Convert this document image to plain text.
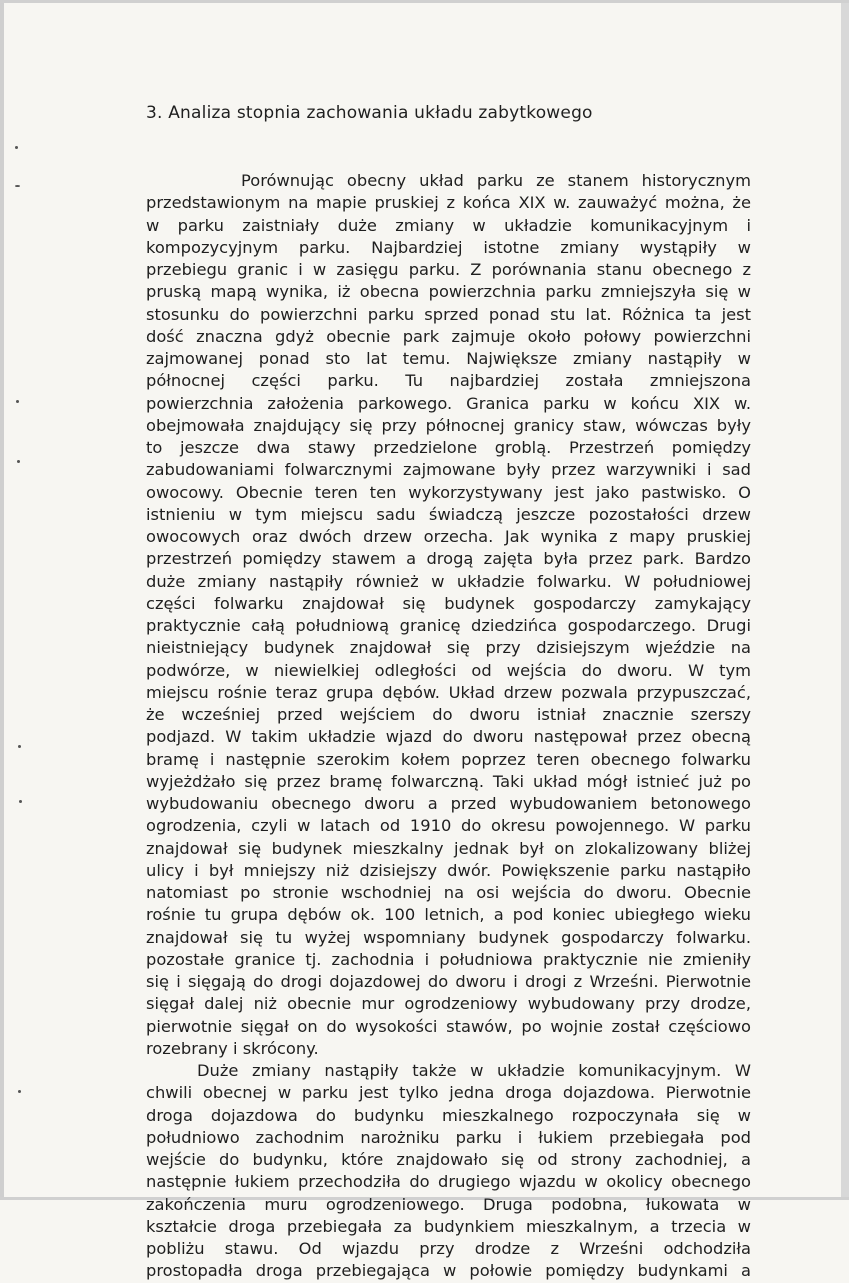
3. Analiza stopnia zachowania układu zabytkowego
Porównując obecny układ parku ze stanem historycznym
przedstawionym na mapie pruskiej z końca XIX w. zauważyć można, że
w parku zaistniały duże zmiany w układzie komunikacyjnym i
kompozycyjnym parku. Najbardziej istotne zmiany wystąpiły w
przebiegu granic i w zasięgu parku. Z porównania stanu obecnego z
pruską mapą wynika, iż obecna powierzchnia parku zmniejszyła się w
stosunku do powierzchni parku sprzed ponad stu lat. Różnica ta jest
dość znaczna gdyż obecnie park zajmuje około połowy powierzchni
zajmowanej ponad sto lat temu. Największe zmiany nastąpiły w
północnej części parku. Tu najbardziej została zmniejszona
powierzchnia założenia parkowego. Granica parku w końcu XIX w.
obejmowała znajdujący się przy północnej granicy staw, wówczas były
to jeszcze dwa stawy przedzielone groblą. Przestrzeń pomiędzy
zabudowaniami folwarcznymi zajmowane były przez warzywniki i sad
owocowy. Obecnie teren ten wykorzystywany jest jako pastwisko. O
istnieniu w tym miejscu sadu świadczą jeszcze pozostałości drzew
owocowych oraz dwóch drzew orzecha. Jak wynika z mapy pruskiej
przestrzeń pomiędzy stawem a drogą zajęta była przez park. Bardzo
duże zmiany nastąpiły również w układzie folwarku. W południowej
części folwarku znajdował się budynek gospodarczy zamykający
praktycznie całą południową granicę dziedzińca gospodarczego. Drugi
nieistniejący budynek znajdował się przy dzisiejszym wjeździe na
podwórze, w niewielkiej odległości od wejścia do dworu. W tym
miejscu rośnie teraz grupa dębów. Układ drzew pozwala przypuszczać,
że wcześniej przed wejściem do dworu istniał znacznie szerszy
podjazd. W takim układzie wjazd do dworu następował przez obecną
bramę i następnie szerokim kołem poprzez teren obecnego folwarku
wyjeżdżało się przez bramę folwarczną. Taki układ mógł istnieć już po
wybudowaniu obecnego dworu a przed wybudowaniem betonowego
ogrodzenia, czyli w latach od 1910 do okresu powojennego. W parku
znajdował się budynek mieszkalny jednak był on zlokalizowany bliżej
ulicy i był mniejszy niż dzisiejszy dwór. Powiększenie parku nastąpiło
natomiast po stronie wschodniej na osi wejścia do dworu. Obecnie
rośnie tu grupa dębów ok. 100 letnich, a pod koniec ubiegłego wieku
znajdował się tu wyżej wspomniany budynek gospodarczy folwarku.
pozostałe granice tj. zachodnia i południowa praktycznie nie zmieniły
się i sięgają do drogi dojazdowej do dworu i drogi z Wrześni. Pierwotnie
sięgał dalej niż obecnie mur ogrodzeniowy wybudowany przy drodze,
pierwotnie sięgał on do wysokości stawów, po wojnie został częściowo
rozebrany i skrócony.
Duże zmiany nastąpiły także w układzie komunikacyjnym. W
chwili obecnej w parku jest tylko jedna droga dojazdowa. Pierwotnie
droga dojazdowa do budynku mieszkalnego rozpoczynała się w
południowo zachodnim narożniku parku i łukiem przebiegała pod
wejście do budynku, które znajdowało się od strony zachodniej, a
następnie łukiem przechodziła do drugiego wjazdu w okolicy obecnego
zakończenia muru ogrodzeniowego. Druga podobna, łukowata w
kształcie droga przebiegała za budynkiem mieszkalnym, a trzecia w
pobliżu stawu. Od wjazdu przy drodze z Wrześni odchodziła
prostopadła droga przebiegająca w połowie pomiędzy budynkami a
